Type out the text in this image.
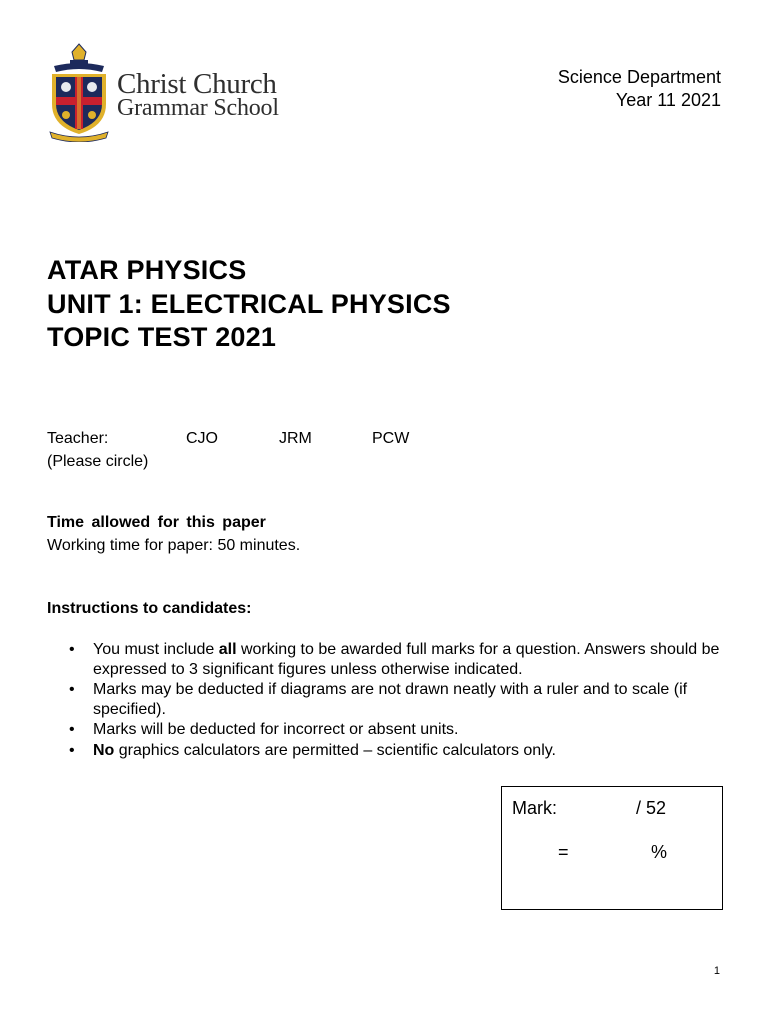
Christ Church
Grammar School
Science Department
Year 11 2021
ATAR PHYSICS
UNIT 1: ELECTRICAL PHYSICS
TOPIC TEST 2021
Teacher:	CJO	JRM	PCW
(Please circle)
Time allowed for this paper
Working time for paper: 50 minutes.
Instructions to candidates:
• You must include all working to be awarded full marks for a question. Answers should be expressed to 3 significant figures unless otherwise indicated.
• Marks may be deducted if diagrams are not drawn neatly with a ruler and to scale (if specified).
• Marks will be deducted for incorrect or absent units.
• No graphics calculators are permitted – scientific calculators only.
Mark:	/ 52
=	%
1
